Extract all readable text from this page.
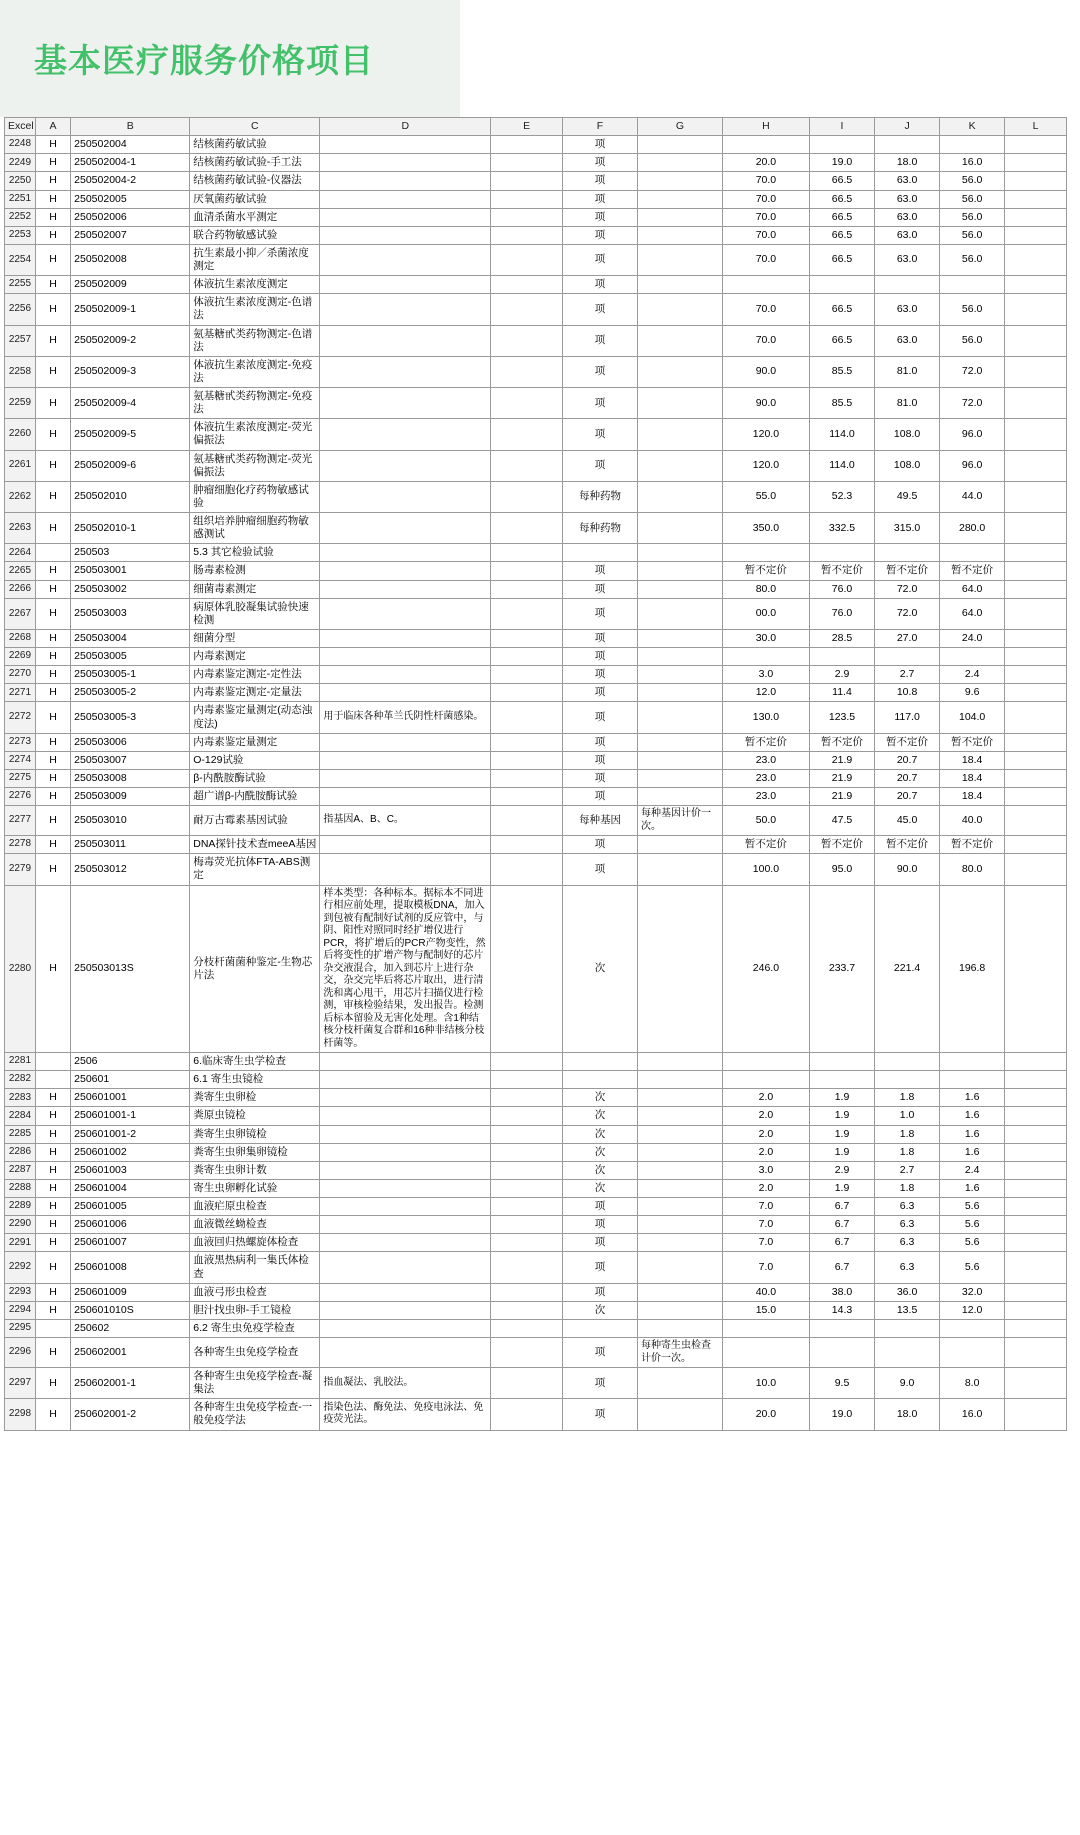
基本医疗服务价格项目
Excel	A	B	C	D	E	F	G	H	I	J	K	L
2248	H	250502004	结核菌药敏试验			项						
2249	H	250502004-1	结核菌药敏试验-手工法			项		20.0	19.0	18.0	16.0	
2250	H	250502004-2	结核菌药敏试验-仪器法			项		70.0	66.5	63.0	56.0	
2251	H	250502005	厌氧菌药敏试验			项		70.0	66.5	63.0	56.0	
2252	H	250502006	血清杀菌水平测定			项		70.0	66.5	63.0	56.0	
2253	H	250502007	联合药物敏感试验			项		70.0	66.5	63.0	56.0	
2254	H	250502008	抗生素最小抑／杀菌浓度测定			项		70.0	66.5	63.0	56.0	
2255	H	250502009	体液抗生素浓度测定			项						
2256	H	250502009-1	体液抗生素浓度测定-色谱法			项		70.0	66.5	63.0	56.0	
2257	H	250502009-2	氨基糖甙类药物测定-色谱法			项		70.0	66.5	63.0	56.0	
2258	H	250502009-3	体液抗生素浓度测定-免疫法			项		90.0	85.5	81.0	72.0	
2259	H	250502009-4	氨基糖甙类药物测定-免疫法			项		90.0	85.5	81.0	72.0	
2260	H	250502009-5	体液抗生素浓度测定-荧光偏振法			项		120.0	114.0	108.0	96.0	
2261	H	250502009-6	氨基糖甙类药物测定-荧光偏振法			项		120.0	114.0	108.0	96.0	
2262	H	250502010	肿瘤细胞化疗药物敏感试验			每种药物		55.0	52.3	49.5	44.0	
2263	H	250502010-1	组织培养肿瘤细胞药物敏感测试			每种药物		350.0	332.5	315.0	280.0	
2264		250503	5.3 其它检验试验									
2265	H	250503001	肠毒素检测			项		暂不定价	暂不定价	暂不定价	暂不定价	
2266	H	250503002	细菌毒素测定			项		80.0	76.0	72.0	64.0	
2267	H	250503003	病原体乳胶凝集试验快速检测			项		00.0	76.0	72.0	64.0	
2268	H	250503004	细菌分型			项		30.0	28.5	27.0	24.0	
2269	H	250503005	内毒素测定			项						
2270	H	250503005-1	内毒素鉴定测定-定性法			项		3.0	2.9	2.7	2.4	
2271	H	250503005-2	内毒素鉴定测定-定量法			项		12.0	11.4	10.8	9.6	
2272	H	250503005-3	内毒素鉴定量测定(动态浊度法)	用于临床各种革兰氏阴性杆菌感染。		项		130.0	123.5	117.0	104.0	
2273	H	250503006	内毒素鉴定量测定			项		暂不定价	暂不定价	暂不定价	暂不定价	
2274	H	250503007	O-129试验			项		23.0	21.9	20.7	18.4	
2275	H	250503008	β-内酰胺酶试验			项		23.0	21.9	20.7	18.4	
2276	H	250503009	超广谱β-内酰胺酶试验			项		23.0	21.9	20.7	18.4	
2277	H	250503010	耐万古霉素基因试验	指基因A、B、C。		每种基因	每种基因计价一次。	50.0	47.5	45.0	40.0	
2278	H	250503011	DNA探针技术查meeA基因			项		暂不定价	暂不定价	暂不定价	暂不定价	
2279	H	250503012	梅毒荧光抗体FTA-ABS测定			项		100.0	95.0	90.0	80.0	
2280	H	250503013S	分枝杆菌菌种鉴定-生物芯片法	样本类型：各种标本。据标本不同进行相应前处理，提取模板DNA，加入到包被有配制好试剂的反应管中，与阴、阳性对照同时经扩增仪进行PCR，将扩增后的PCR产物变性，然后将变性的扩增产物与配制好的芯片杂交液混合，加入到芯片上进行杂交，杂交完毕后将芯片取出，进行清洗和离心甩干，用芯片扫描仪进行检测，审核检验结果，发出报告。检测后标本留验及无害化处理。含1种结核分枝杆菌复合群和16种非结核分枝杆菌等。		次		246.0	233.7	221.4	196.8	
2281		2506	6.临床寄生虫学检查									
2282		250601	6.1 寄生虫镜检									
2283	H	250601001	粪寄生虫卵检			次		2.0	1.9	1.8	1.6	
2284	H	250601001-1	粪原虫镜检			次		2.0	1.9	1.0	1.6	
2285	H	250601001-2	粪寄生虫卵镜检			次		2.0	1.9	1.8	1.6	
2286	H	250601002	粪寄生虫卵集卵镜检			次		2.0	1.9	1.8	1.6	
2287	H	250601003	粪寄生虫卵计数			次		3.0	2.9	2.7	2.4	
2288	H	250601004	寄生虫卵孵化试验			次		2.0	1.9	1.8	1.6	
2289	H	250601005	血液疟原虫检查			项		7.0	6.7	6.3	5.6	
2290	H	250601006	血液微丝蚴检查			项		7.0	6.7	6.3	5.6	
2291	H	250601007	血液回归热螺旋体检查			项		7.0	6.7	6.3	5.6	
2292	H	250601008	血液黑热病利一集氏体检查			项		7.0	6.7	6.3	5.6	
2293	H	250601009	血液弓形虫检查			项		40.0	38.0	36.0	32.0	
2294	H	250601010S	胆汁找虫卵-手工镜检			次		15.0	14.3	13.5	12.0	
2295		250602	6.2 寄生虫免疫学检查									
2296	H	250602001	各种寄生虫免疫学检查			项	每种寄生虫检查计价一次。					
2297	H	250602001-1	各种寄生虫免疫学检查-凝集法	指血凝法、乳胶法。		项		10.0	9.5	9.0	8.0	
2298	H	250602001-2	各种寄生虫免疫学检查-一般免疫学法	指染色法、酶免法、免疫电泳法、免疫荧光法。		项		20.0	19.0	18.0	16.0	
